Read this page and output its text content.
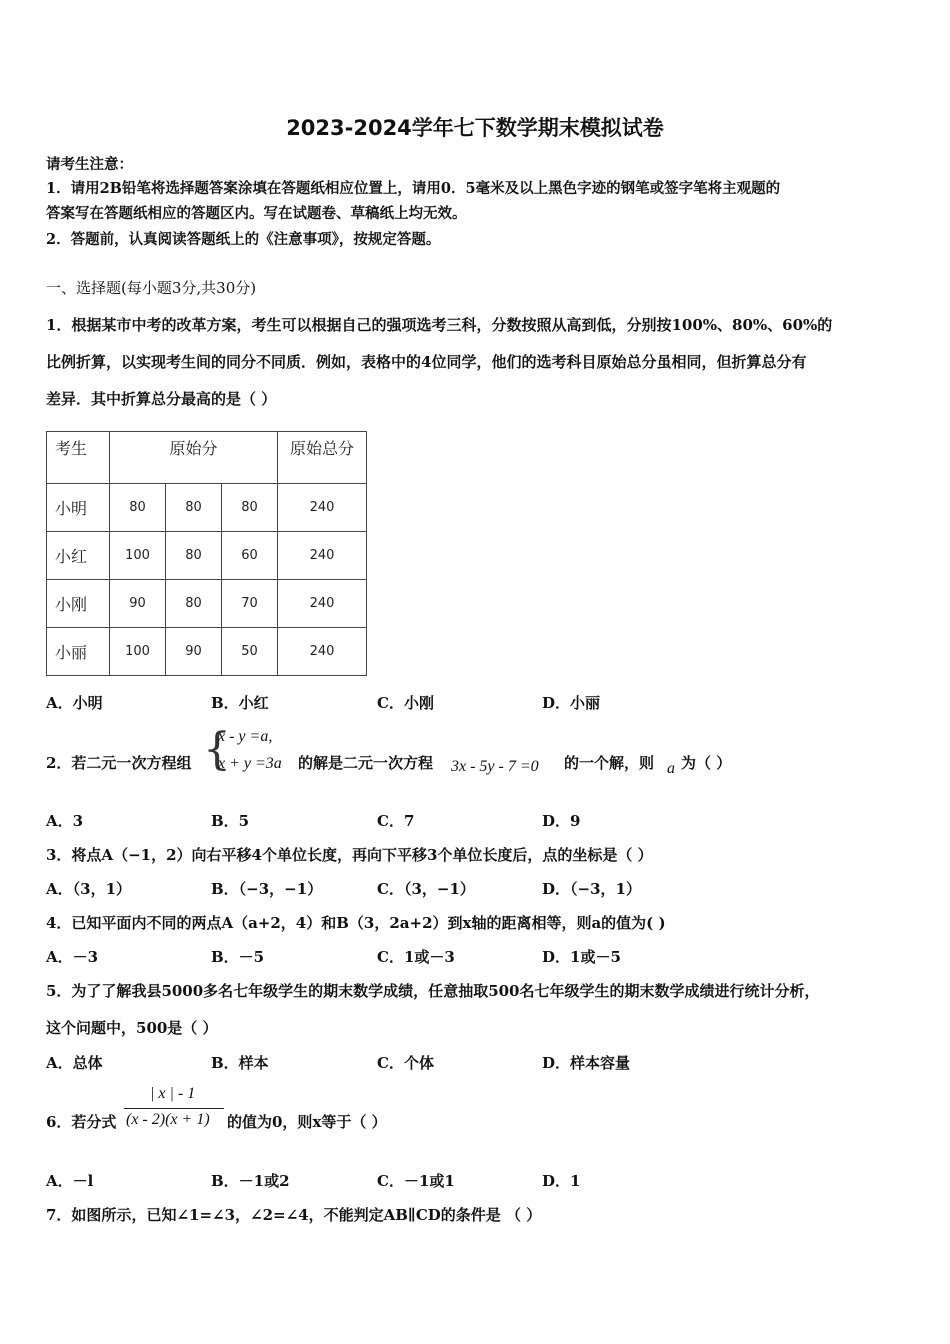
2023-2024学年七下数学期末模拟试卷
请考生注意：
1．请用2B铅笔将选择题答案涂填在答题纸相应位置上，请用0．5毫米及以上黑色字迹的钢笔或签字笔将主观题的
答案写在答题纸相应的答题区内。写在试题卷、草稿纸上均无效。
2．答题前，认真阅读答题纸上的《注意事项》，按规定答题。
一、选择题(每小题3分,共30分)
1．根据某市中考的改革方案，考生可以根据自己的强项选考三科，分数按照从高到低，分别按100%、80%、60%的
比例折算，以实现考生间的同分不同质．例如，表格中的4位同学，他们的选考科目原始总分虽相同，但折算总分有
差异．其中折算总分最高的是（ ）
考生	原始分			原始总分
小明	80	80	80	240
小红	100	80	60	240
小刚	90	80	70	240
小丽	100	90	50	240
A．小明	B．小红	C．小刚	D．小丽
2．若二元一次方程组 {
x - y =a,
x + y =3a 的解是二元一次方程 3x - 5y - 7 =0 的一个解，则 a 为（ ）
A．3	B．5	C．7	D．9
3．将点A（−1，2）向右平移4个单位长度，再向下平移3个单位长度后，点的坐标是（ ）
A．（3，1）	B．（−3，−1）	C．（3，−1）	D．（−3，1）
4．已知平面内不同的两点A（a+2，4）和B（3，2a+2）到x轴的距离相等，则a的值为( )
A．－3	B．－5	C．1或－3	D．1或－5
5．为了了解我县5000多名七年级学生的期末数学成绩，任意抽取500名七年级学生的期末数学成绩进行统计分析，
这个问题中，500是（ ）
A．总体	B．样本	C．个体	D．样本容量
6．若分式
| x | - 1
(x - 2)(x + 1) 的值为0，则x等于（ ）
A．－l	B．－1或2	C．－1或1	D．1
7．如图所示，已知∠1=∠3，∠2=∠4，不能判定AB∥CD的条件是 （ ）
